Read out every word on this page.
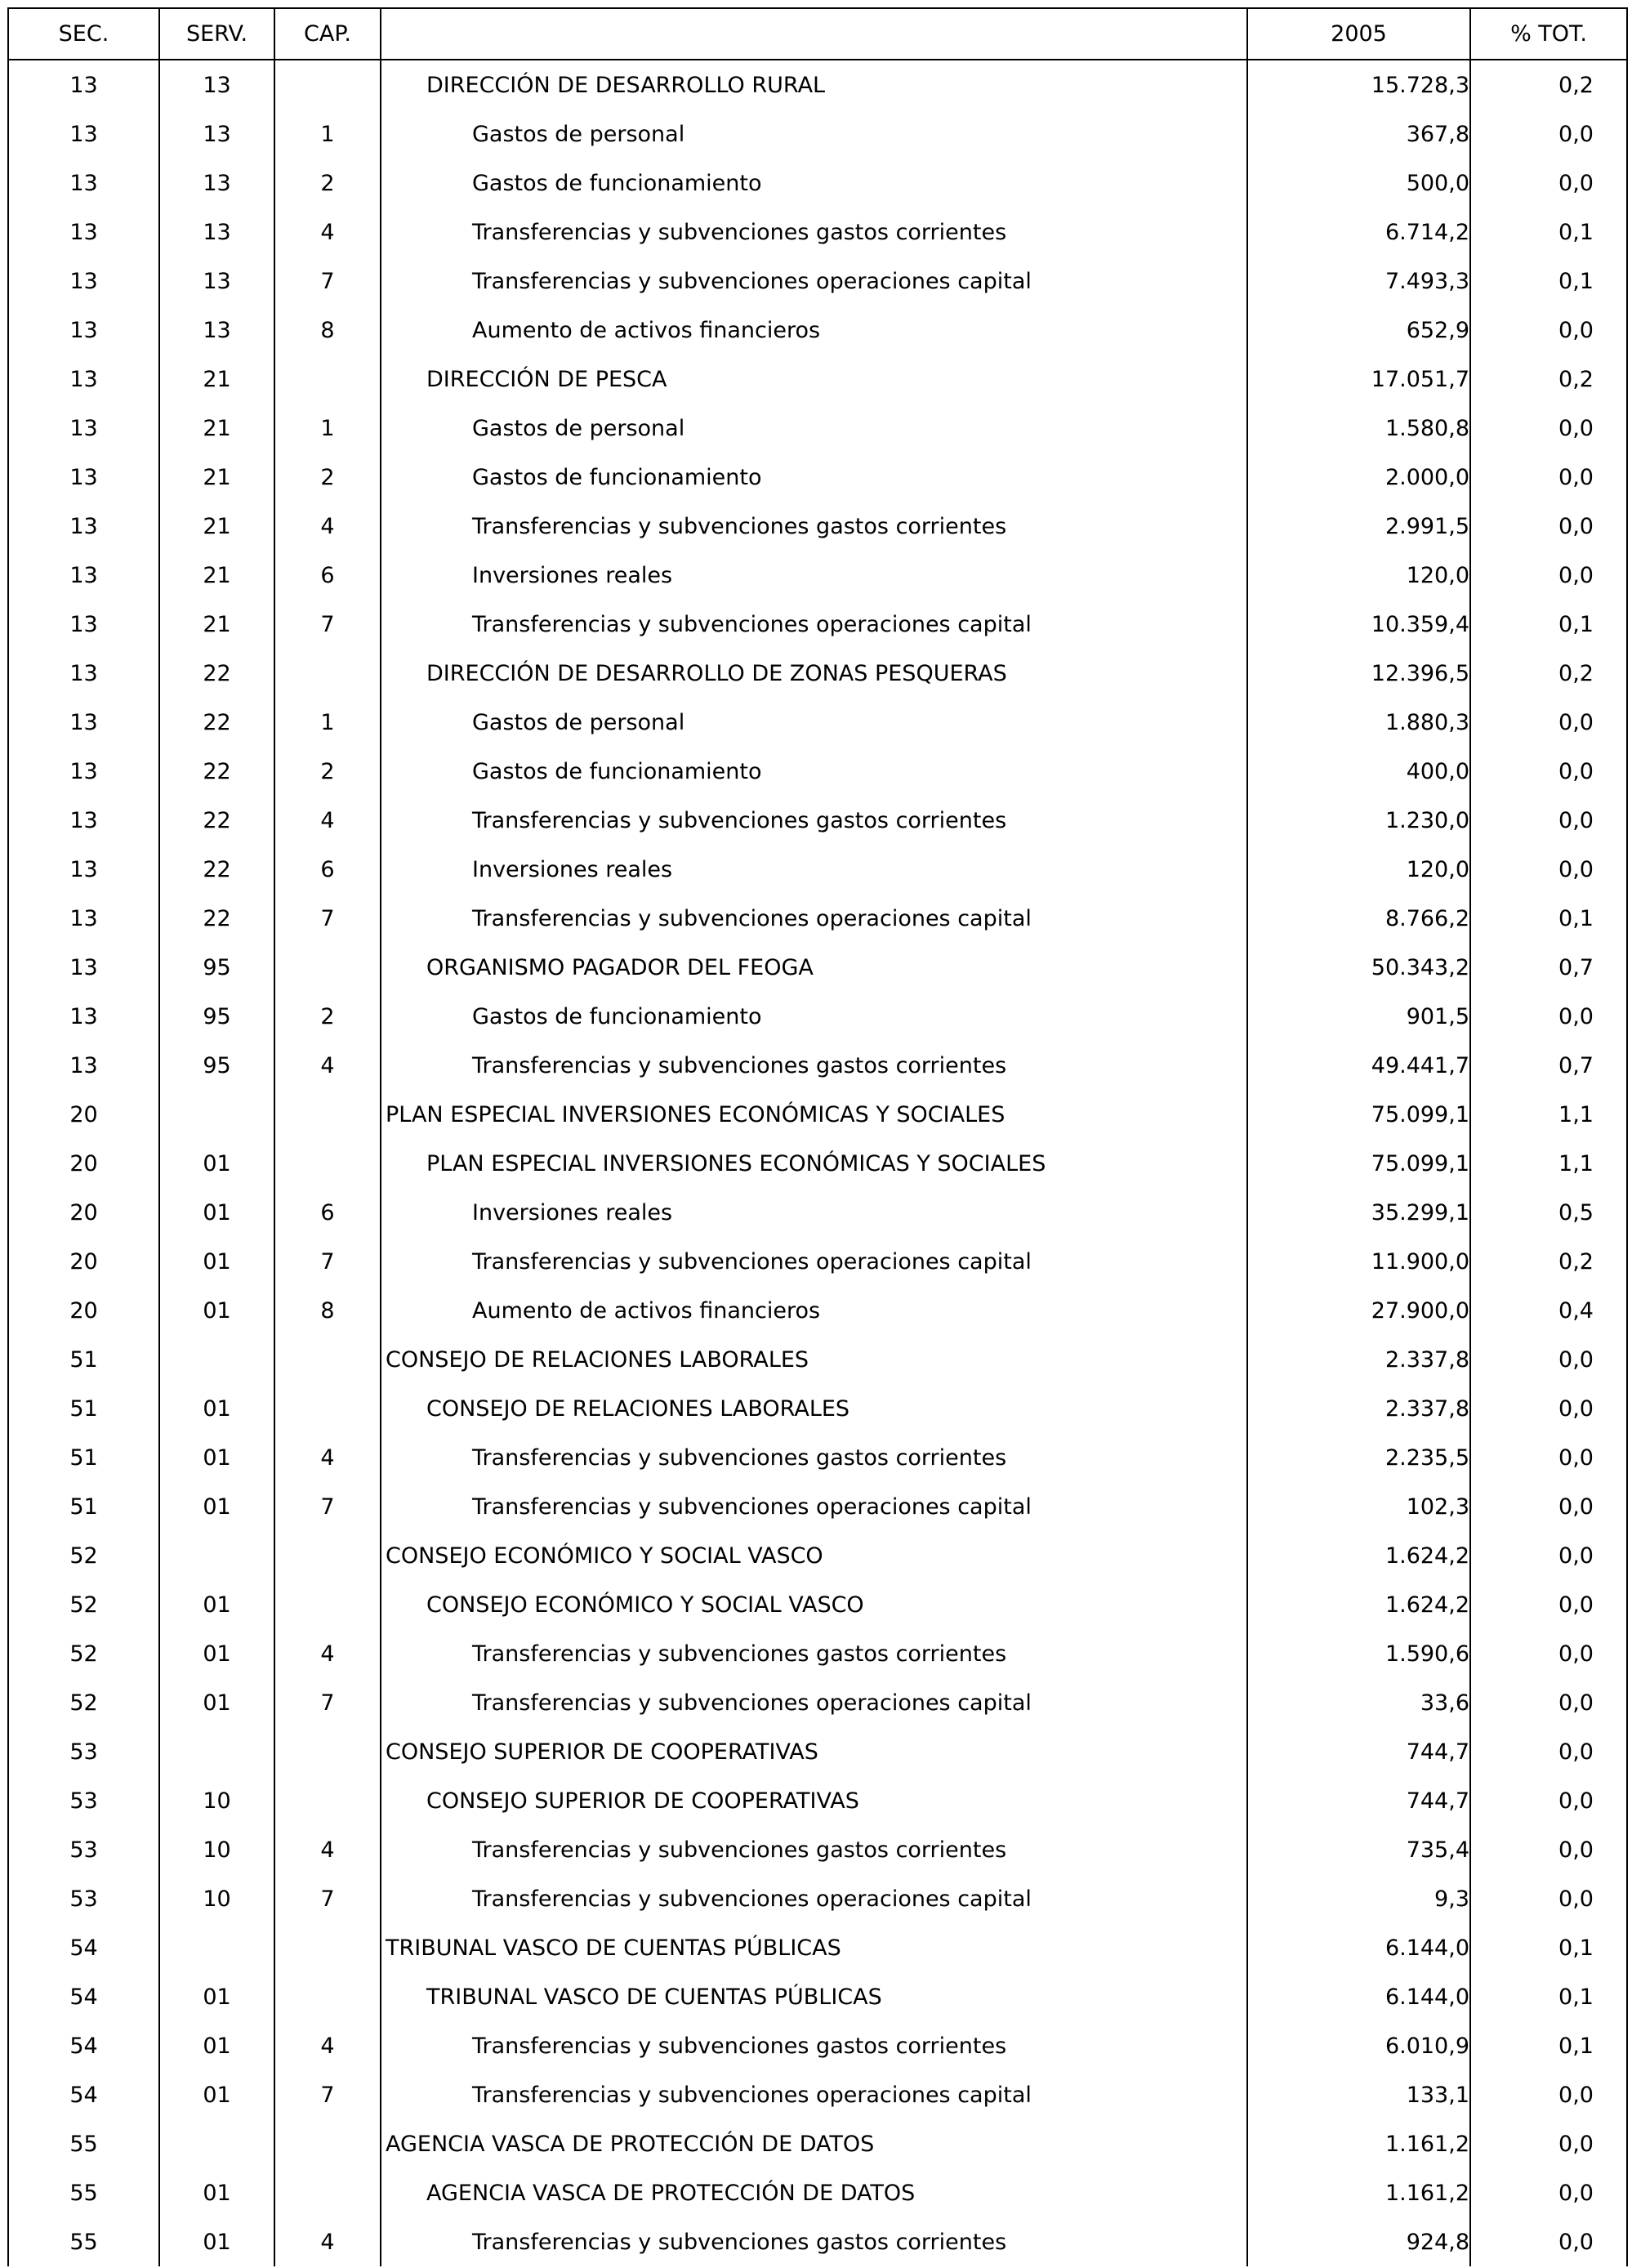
SEC.	SERV.	CAP.		2005	% TOT.
13	13		DIRECCIÓN DE DESARROLLO RURAL	15.728,3	0,2
13	13	1	Gastos de personal	367,8	0,0
13	13	2	Gastos de funcionamiento	500,0	0,0
13	13	4	Transferencias y subvenciones gastos corrientes	6.714,2	0,1
13	13	7	Transferencias y subvenciones operaciones capital	7.493,3	0,1
13	13	8	Aumento de activos financieros	652,9	0,0
13	21		DIRECCIÓN DE PESCA	17.051,7	0,2
13	21	1	Gastos de personal	1.580,8	0,0
13	21	2	Gastos de funcionamiento	2.000,0	0,0
13	21	4	Transferencias y subvenciones gastos corrientes	2.991,5	0,0
13	21	6	Inversiones reales	120,0	0,0
13	21	7	Transferencias y subvenciones operaciones capital	10.359,4	0,1
13	22		DIRECCIÓN DE DESARROLLO DE ZONAS PESQUERAS	12.396,5	0,2
13	22	1	Gastos de personal	1.880,3	0,0
13	22	2	Gastos de funcionamiento	400,0	0,0
13	22	4	Transferencias y subvenciones gastos corrientes	1.230,0	0,0
13	22	6	Inversiones reales	120,0	0,0
13	22	7	Transferencias y subvenciones operaciones capital	8.766,2	0,1
13	95		ORGANISMO PAGADOR DEL FEOGA	50.343,2	0,7
13	95	2	Gastos de funcionamiento	901,5	0,0
13	95	4	Transferencias y subvenciones gastos corrientes	49.441,7	0,7
20			PLAN ESPECIAL INVERSIONES ECONÓMICAS Y SOCIALES	75.099,1	1,1
20	01		PLAN ESPECIAL INVERSIONES ECONÓMICAS Y SOCIALES	75.099,1	1,1
20	01	6	Inversiones reales	35.299,1	0,5
20	01	7	Transferencias y subvenciones operaciones capital	11.900,0	0,2
20	01	8	Aumento de activos financieros	27.900,0	0,4
51			CONSEJO DE RELACIONES LABORALES	2.337,8	0,0
51	01		CONSEJO DE RELACIONES LABORALES	2.337,8	0,0
51	01	4	Transferencias y subvenciones gastos corrientes	2.235,5	0,0
51	01	7	Transferencias y subvenciones operaciones capital	102,3	0,0
52			CONSEJO ECONÓMICO Y SOCIAL VASCO	1.624,2	0,0
52	01		CONSEJO ECONÓMICO Y SOCIAL VASCO	1.624,2	0,0
52	01	4	Transferencias y subvenciones gastos corrientes	1.590,6	0,0
52	01	7	Transferencias y subvenciones operaciones capital	33,6	0,0
53			CONSEJO SUPERIOR DE COOPERATIVAS	744,7	0,0
53	10		CONSEJO SUPERIOR DE COOPERATIVAS	744,7	0,0
53	10	4	Transferencias y subvenciones gastos corrientes	735,4	0,0
53	10	7	Transferencias y subvenciones operaciones capital	9,3	0,0
54			TRIBUNAL VASCO DE CUENTAS PÚBLICAS	6.144,0	0,1
54	01		TRIBUNAL VASCO DE CUENTAS PÚBLICAS	6.144,0	0,1
54	01	4	Transferencias y subvenciones gastos corrientes	6.010,9	0,1
54	01	7	Transferencias y subvenciones operaciones capital	133,1	0,0
55			AGENCIA VASCA DE PROTECCIÓN DE DATOS	1.161,2	0,0
55	01		AGENCIA VASCA DE PROTECCIÓN DE DATOS	1.161,2	0,0
55	01	4	Transferencias y subvenciones gastos corrientes	924,8	0,0
